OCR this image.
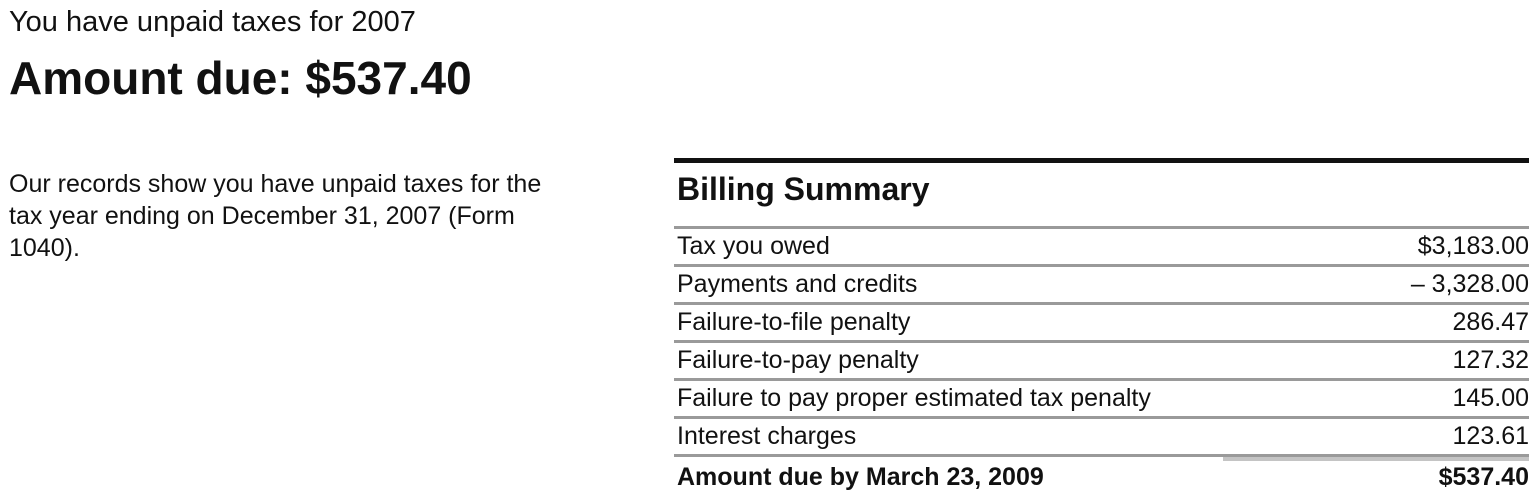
You have unpaid taxes for 2007
Amount due: $537.40
Our records show you have unpaid taxes for the tax year ending on December 31, 2007 (Form 1040).
Billing Summary
Tax you owed	$3,183.00
Payments and credits	– 3,328.00
Failure-to-file penalty	286.47
Failure-to-pay penalty	127.32
Failure to pay proper estimated tax penalty	145.00
Interest charges	123.61
Amount due by March 23, 2009	$537.40
